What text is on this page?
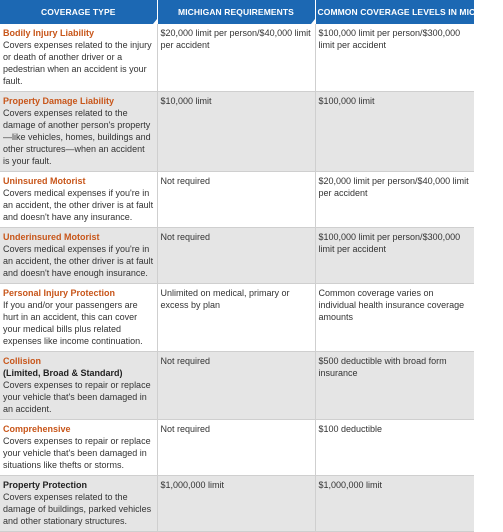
COVERAGE TYPE	MICHIGAN REQUIREMENTS	COMMON COVERAGE LEVELS IN MICHIGAN

Bodily Injury Liability
Covers expenses related to the injury or death of another driver or a pedestrian when an accident is your fault.	$20,000 limit per person/$40,000 limit per accident	$100,000 limit per person/$300,000 limit per accident

Property Damage Liability
Covers expenses related to the damage of another person's property—like vehicles, homes, buildings and other structures—when an accident is your fault.	$10,000 limit	$100,000 limit

Uninsured Motorist
Covers medical expenses if you're in an accident, the other driver is at fault and doesn't have any insurance.	Not required	$20,000 limit per person/$40,000 limit per accident

Underinsured Motorist
Covers medical expenses if you're in an accident, the other driver is at fault and doesn't have enough insurance.	Not required	$100,000 limit per person/$300,000 limit per accident

Personal Injury Protection
If you and/or your passengers are hurt in an accident, this can cover your medical bills plus related expenses like income continuation.	Unlimited on medical, primary or excess by plan	Common coverage varies on individual health insurance coverage amounts

Collision
(Limited, Broad & Standard)
Covers expenses to repair or replace your vehicle that's been damaged in an accident.	Not required	$500 deductible with broad form insurance

Comprehensive
Covers expenses to repair or replace your vehicle that's been damaged in situations like thefts or storms.	Not required	$100 deductible

Property Protection
Covers expenses related to the damage of buildings, parked vehicles and other stationary structures.	$1,000,000 limit	$1,000,000 limit
